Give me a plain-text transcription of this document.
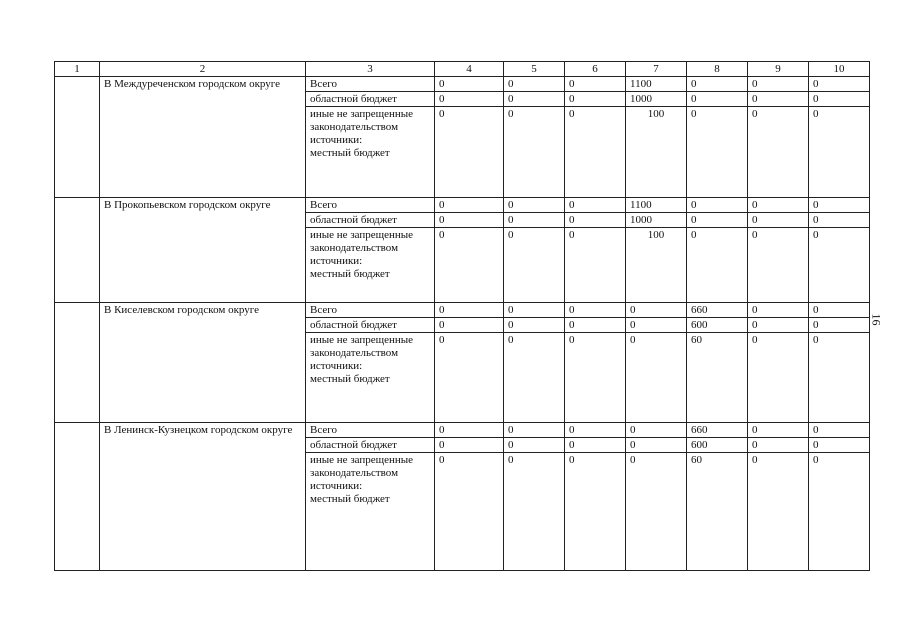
1	2	3	4	5	6	7	8	9	10
	В Междуреченском городском округе	Всего	0	0	0	1100	0	0	0
		областной бюджет	0	0	0	1000	0	0	0

		иные не запрещенные
законодательством
источники:
местный бюджет	0	0	0	100	0	0	0
	В Прокопьевском городском округе	Всего	0	0	0	1100	0	0	0
		областной бюджет	0	0	0	1000	0	0	0

		иные не запрещенные
законодательством
источники:
местный бюджет	0	0	0	100	0	0	0
	В Киселевском городском округе	Всего	0	0	0	0	660	0	0
		областной бюджет	0	0	0	0	600	0	0

		иные не запрещенные
законодательством
источники:
местный бюджет	0	0	0	0	60	0	0
	В Ленинск-Кузнецком городском округе	Всего	0	0	0	0	660	0	0
		областной бюджет	0	0	0	0	600	0	0

		иные не запрещенные
законодательством
источники:
местный бюджет	0	0	0	0	60	0	0
16
